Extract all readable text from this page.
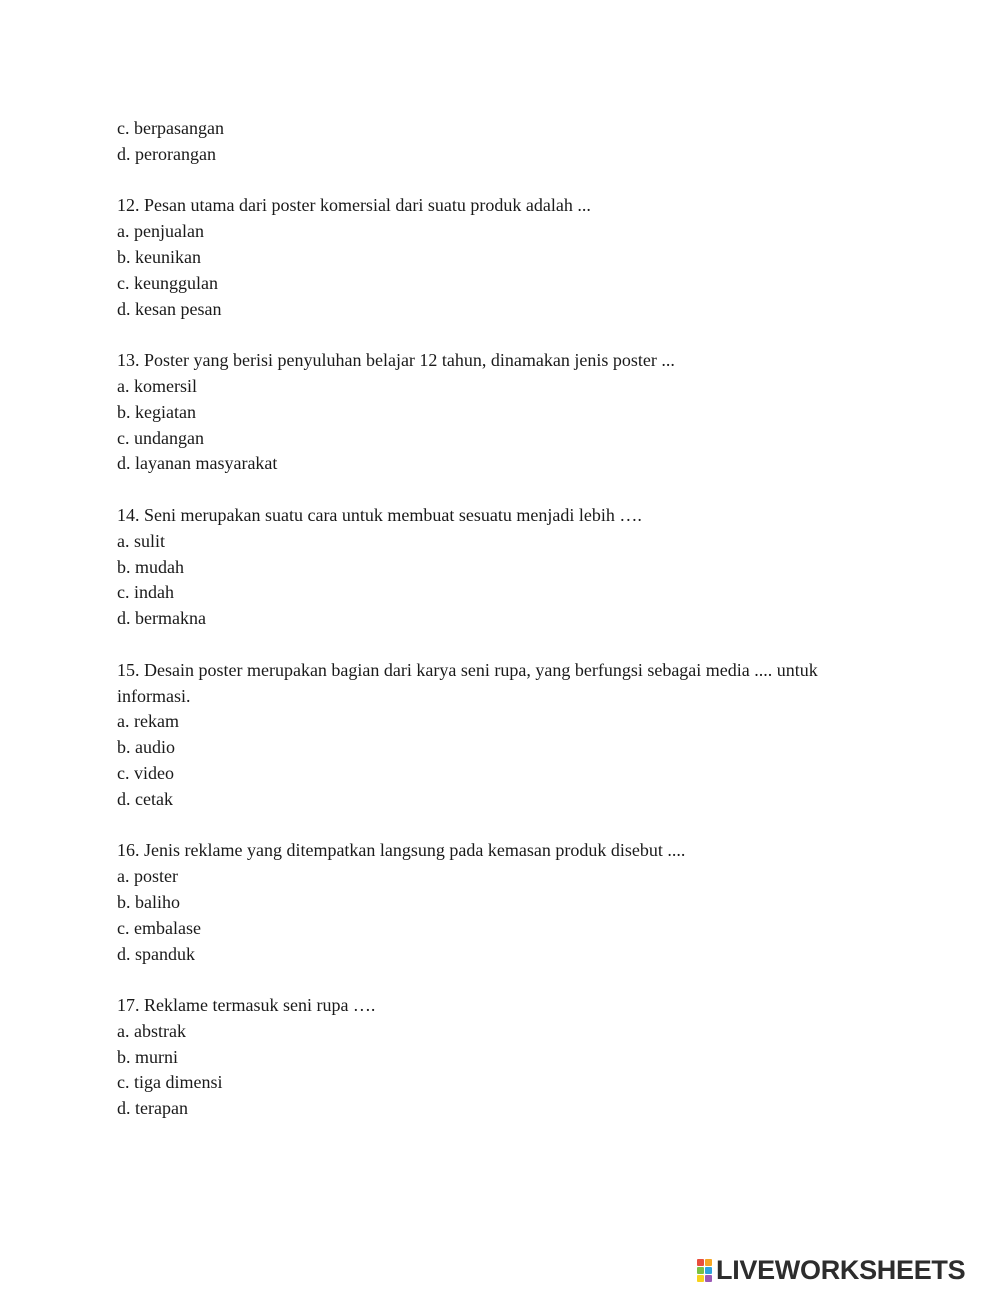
c. berpasangan
d. perorangan
12. Pesan utama dari poster komersial dari suatu produk adalah ...
a. penjualan
b. keunikan
c. keunggulan
d. kesan pesan
13. Poster yang berisi penyuluhan belajar 12 tahun, dinamakan jenis poster ...
a. komersil
b. kegiatan
c. undangan
d. layanan masyarakat
14. Seni merupakan suatu cara untuk membuat sesuatu menjadi lebih ….
a. sulit
b. mudah
c. indah
d. bermakna
15. Desain poster merupakan bagian dari karya seni rupa, yang berfungsi sebagai media .... untuk informasi.
a. rekam
b. audio
c. video
d. cetak
16. Jenis reklame yang ditempatkan langsung pada kemasan produk disebut ....
a. poster
b. baliho
c. embalase
d. spanduk
17. Reklame termasuk seni rupa ….
a. abstrak
b. murni
c. tiga dimensi
d. terapan
LIVEWORKSHEETS
